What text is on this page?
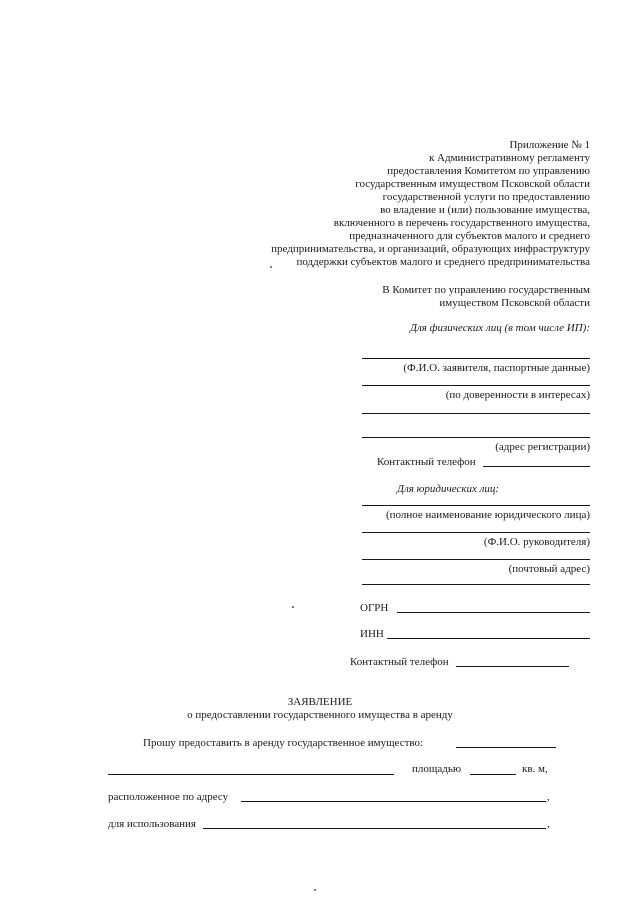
Приложение № 1
к Административному регламенту
предоставления Комитетом по управлению
государственным имуществом Псковской области
государственной услуги по предоставлению
во владение и (или) пользование имущества,
включенного в перечень государственного имущества,
предназначенного для субъектов малого и среднего
предпринимательства, и организаций, образующих инфраструктуру
поддержки субъектов малого и среднего предпринимательства
В Комитет по управлению государственным
имуществом Псковской области
Для физических лиц (в том числе ИП):
(Ф.И.О. заявителя, паспортные данные)
(по доверенности в интересах)
(адрес регистрации)
Контактный телефон
Для юридических лиц:
(полное наименование юридического лица)
(Ф.И.О. руководителя)
(почтовый адрес)
ОГРН
ИНН
Контактный телефон
ЗАЯВЛЕНИЕ
о предоставлении государственного имущества в аренду
Прошу предоставить в аренду государственное имущество:
площадью	кв. м,
расположенное по адресу	,
для использования	,
